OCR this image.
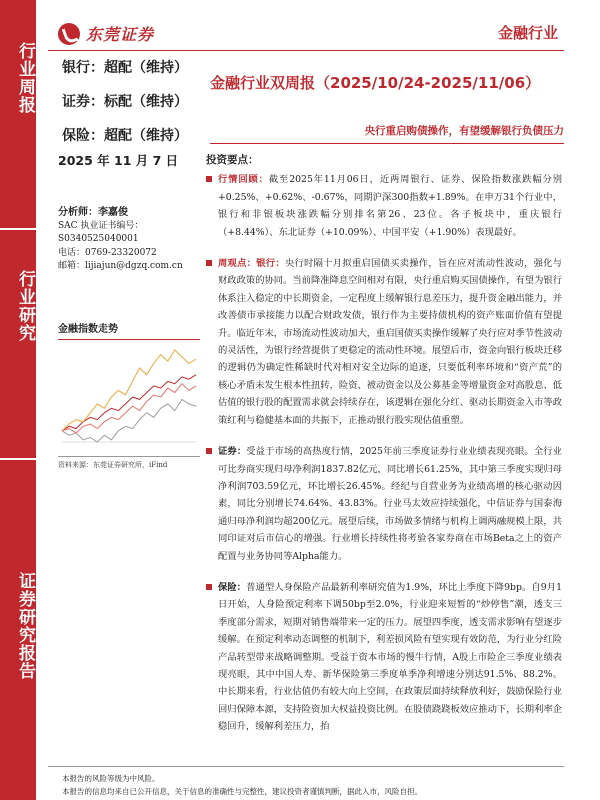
行业周报
行业研究
证券研究报告
东莞证券	金融行业
银行：超配（维持）
证券：标配（维持）
保险：超配（维持）
金融行业双周报（2025/10/24-2025/11/06）
央行重启购债操作，有望缓解银行负债压力
2025 年 11 月 7 日
分析师：李嘉俊
SAC 执业证书编号：
S0340525040001
电话：0769-23320072
邮箱：lijiajun@dgzq.com.cn
金融指数走势
资料来源：东莞证券研究所，iFind
投资要点：
行情回顾：截至2025年11月06日，近两周银行、证券、保险指数涨跌幅分别+0.25%、+0.62%、-0.67%，同期沪深300指数+1.89%。在申万31个行业中，银行和非银板块涨跌幅分别排名第26、23位。各子板块中，重庆银行（+8.44%）、东北证券（+10.09%）、中国平安（+1.90%）表现最好。
周观点：银行：央行时隔十月拟重启国债买卖操作，旨在应对流动性波动，强化与财政政策的协同。当前降准降息空间相对有限，央行重启购买国债操作，有望为银行体系注入稳定的中长期资金，一定程度上缓解银行息差压力，提升资金融出能力，并改善债市承接能力以配合财政发债，银行作为主要持债机构的资产账面价值有望提升。临近年末，市场流动性波动加大，重启国债买卖操作缓解了央行应对季节性波动的灵活性，为银行经营提供了更稳定的流动性环境。展望后市，资金向银行板块迁移的逻辑仍为确定性稀缺时代对相对安全边际的追逐，只要低利率环境和“资产荒”的核心矛盾未发生根本性扭转，险资、被动资金以及公募基金等增量资金对高股息、低估值的银行股的配置需求就会持续存在，该逻辑在强化分红、驱动长期资金入市等政策红利与稳健基本面的共振下，正推动银行股实现估值重塑。
证券：受益于市场的高热度行情，2025年前三季度证券行业业绩表现亮眼。全行业可比券商实现归母净利润1837.82亿元，同比增长61.25%，其中第三季度实现归母净利润703.59亿元，环比增长26.45%。经纪与自营业务为业绩高增的核心驱动因素，同比分别增长74.64%、43.83%。行业马太效应持续强化，中信证券与国泰海通归母净利润均超200亿元。展望后续，市场做多情绪与机构上调两融规模上限，共同印证对后市信心的增强。行业增长持续性将考验各家券商在市场Beta之上的资产配置与业务协同等Alpha能力。
保险：普通型人身保险产品最新利率研究值为1.9%，环比上季度下降9bp。自9月1日开始，人身险预定利率下调50bp至2.0%，行业迎来短暂的“炒停售”潮，透支三季度部分需求，短期对销售端带来一定的压力。展望四季度，透支需求影响有望逐步缓解。在预定利率动态调整的机制下，利差损风险有望实现有效防范，为行业分红险产品转型带来战略调整期。受益于资本市场的慢牛行情，A股上市险企三季度业绩表现亮眼，其中中国人寿、新华保险第三季度单季净利增速分别达91.5%、88.2%。中长期来看，行业估值仍有较大向上空间，在政策层面持续释放利好，鼓励保险行业回归保障本源，支持险资加大权益投资比例。在股债跷跷板效应推动下，长期利率企稳回升，缓解利差压力，抬
本报告的风险等级为中风险。
本报告的信息均来自已公开信息，关于信息的准确性与完整性，建议投资者谨慎判断，据此入市，风险自担。
